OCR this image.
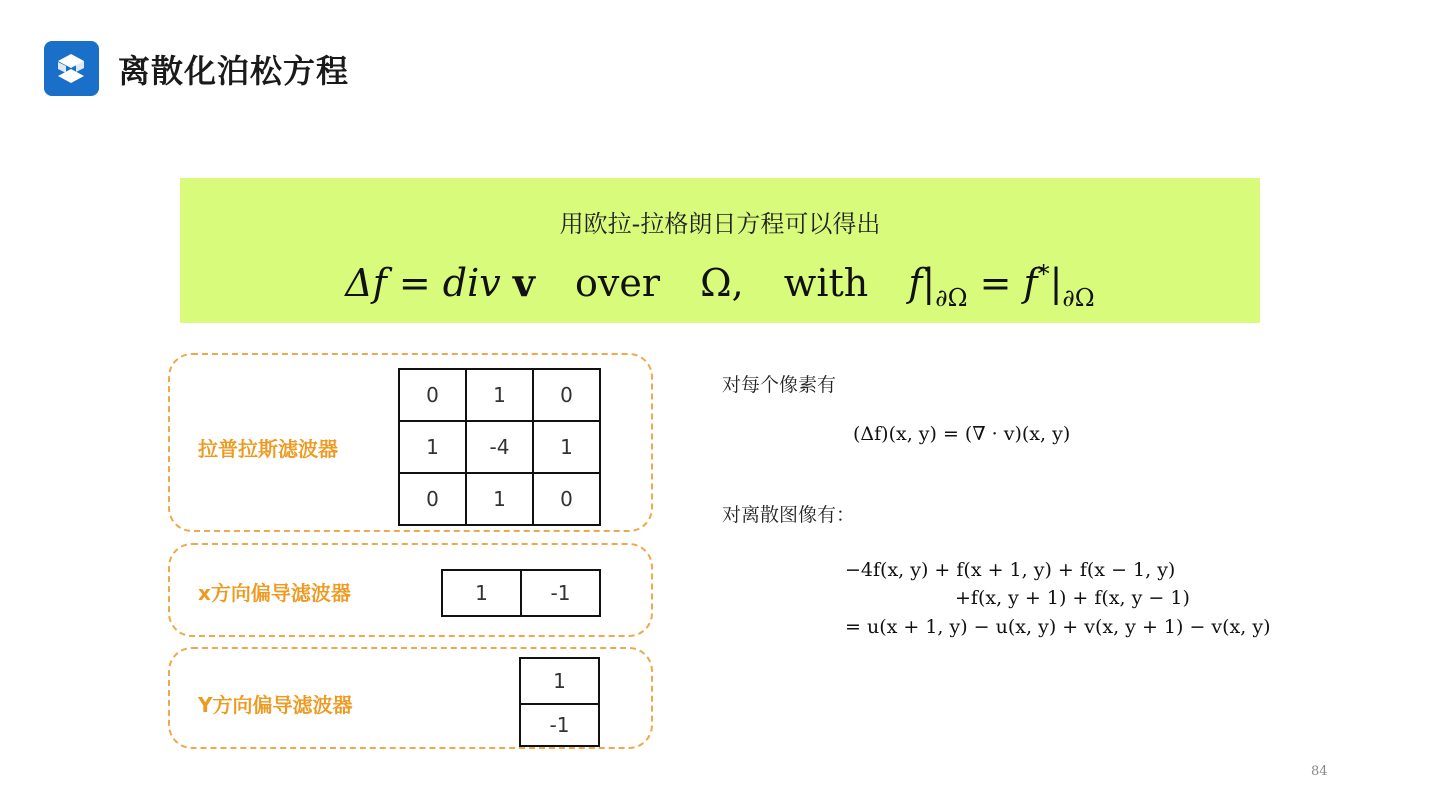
离散化泊松方程
用欧拉-拉格朗日方程可以得出
Δf = div v over Ω, with $f|_{\partial\Omega} = f^*|_{\partial\Omega}$
拉普拉斯滤波器
0	1	0
1	-4	1
0	1	0
x方向偏导滤波器	1	-1
Y方向偏导滤波器
1
-1
对每个像素有
(Δf)(x, y) = (∇ · v)(x, y)
对离散图像有：
−4f(x, y) + f(x + 1, y) + f(x − 1, y)
+f(x, y + 1) + f(x, y − 1)
= u(x + 1, y) − u(x, y) + v(x, y + 1) − v(x, y)
84
